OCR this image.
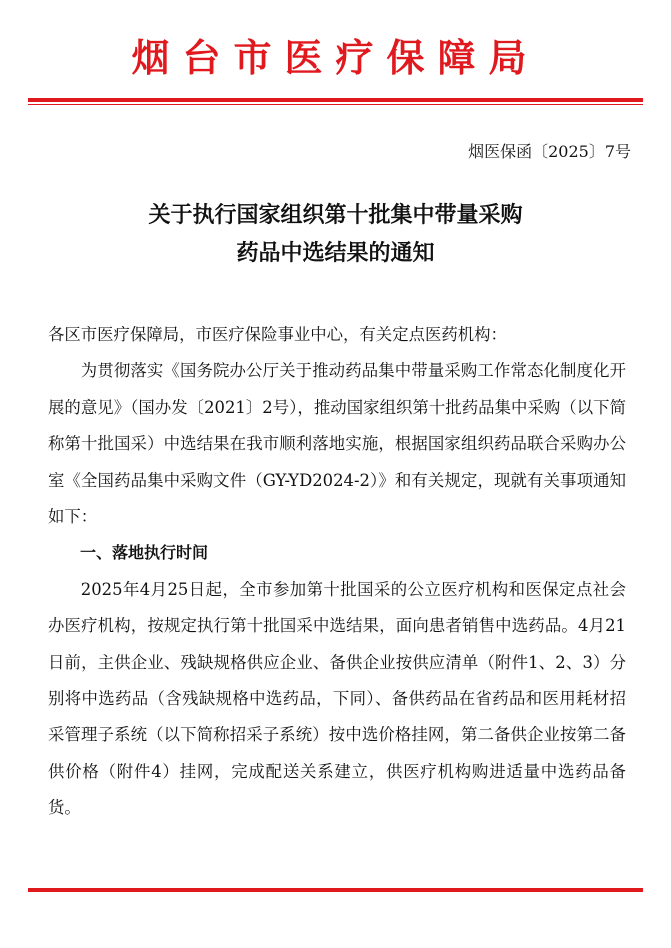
烟台市医疗保障局
烟医保函〔2025〕7号
关于执行国家组织第十批集中带量采购
药品中选结果的通知

各区市医疗保障局，市医疗保险事业中心，有关定点医药机构：

为贯彻落实《国务院办公厅关于推动药品集中带量采购工作常态化制度化开展的意见》（国办发〔2021〕2号），推动国家组织第十批药品集中采购（以下简称第十批国采）中选结果在我市顺利落地实施，根据国家组织药品联合采购办公室《全国药品集中采购文件（GY-YD2024-2）》和有关规定，现就有关事项通知如下：

一、落地执行时间

2025年4月25日起，全市参加第十批国采的公立医疗机构和医保定点社会办医疗机构，按规定执行第十批国采中选结果，面向患者销售中选药品。4月21日前，主供企业、残缺规格供应企业、备供企业按供应清单（附件1、2、3）分别将中选药品（含残缺规格中选药品，下同）、备供药品在省药品和医用耗材招采管理子系统（以下简称招采子系统）按中选价格挂网，第二备供企业按第二备供价格（附件4）挂网，完成配送关系建立，供医疗机构购进适量中选药品备货。
